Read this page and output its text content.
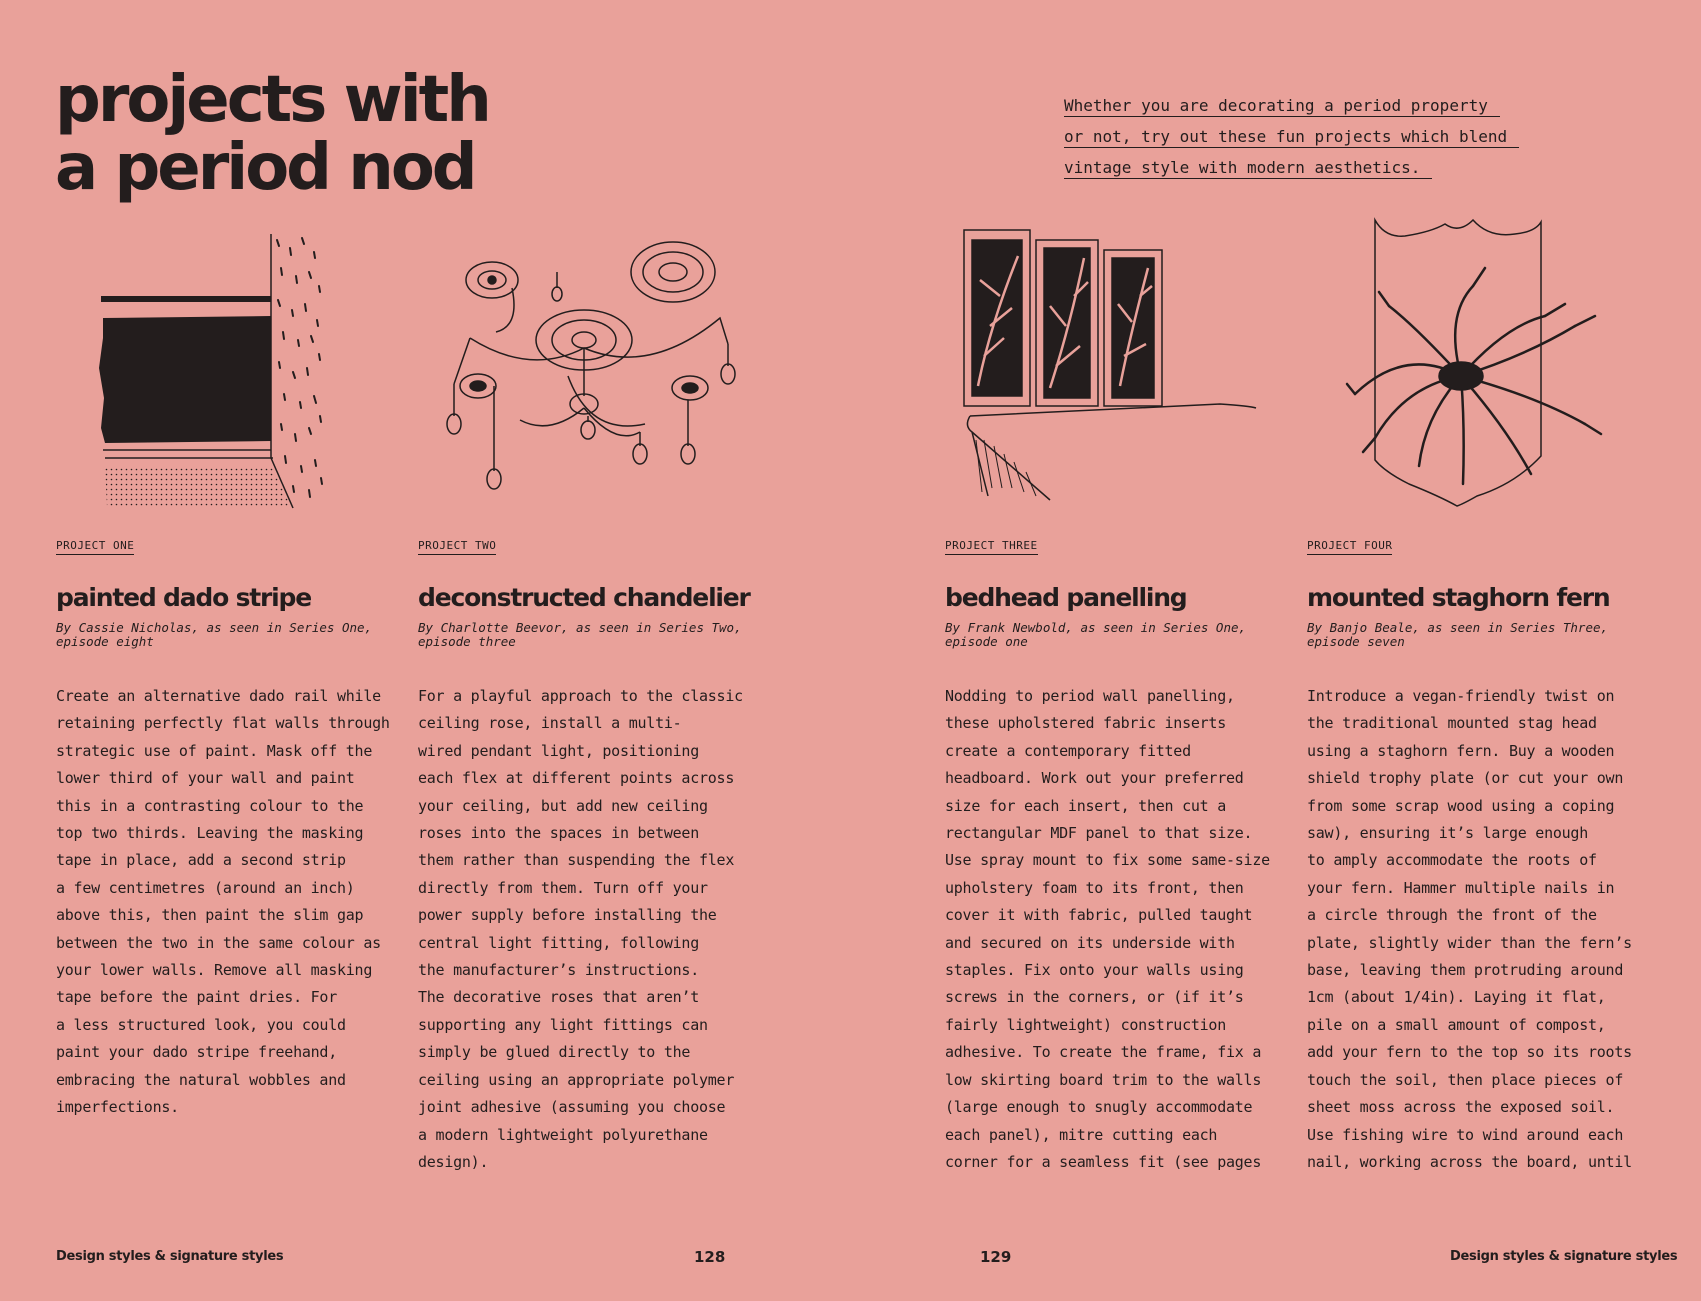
projects with
a period nod
Whether you are decorating a period property
or not, try out these fun projects which blend
vintage style with modern aesthetics.
PROJECT ONE
painted dado stripe

By Cassie Nicholas, as seen in Series One, episode eight

Create an alternative dado rail while
retaining perfectly flat walls through
strategic use of paint. Mask off the
lower third of your wall and paint
this in a contrasting colour to the
top two thirds. Leaving the masking
tape in place, add a second strip
a few centimetres (around an inch)
above this, then paint the slim gap
between the two in the same colour as
your lower walls. Remove all masking
tape before the paint dries. For
a less structured look, you could
paint your dado stripe freehand,
embracing the natural wobbles and
imperfections.
PROJECT TWO
deconstructed chandelier

By Charlotte Beevor, as seen in Series Two, episode three

For a playful approach to the classic
ceiling rose, install a multi-
wired pendant light, positioning
each flex at different points across
your ceiling, but add new ceiling
roses into the spaces in between
them rather than suspending the flex
directly from them. Turn off your
power supply before installing the
central light fitting, following
the manufacturer’s instructions.
The decorative roses that aren’t
supporting any light fittings can
simply be glued directly to the
ceiling using an appropriate polymer
joint adhesive (assuming you choose
a modern lightweight polyurethane
design).
PROJECT THREE
bedhead panelling

By Frank Newbold, as seen in Series One, episode one

Nodding to period wall panelling,
these upholstered fabric inserts
create a contemporary fitted
headboard. Work out your preferred
size for each insert, then cut a
rectangular MDF panel to that size.
Use spray mount to fix some same-size
upholstery foam to its front, then
cover it with fabric, pulled taught
and secured on its underside with
staples. Fix onto your walls using
screws in the corners, or (if it’s
fairly lightweight) construction
adhesive. To create the frame, fix a
low skirting board trim to the walls
(large enough to snugly accommodate
each panel), mitre cutting each
corner for a seamless fit (see pages
PROJECT FOUR
mounted staghorn fern

By Banjo Beale, as seen in Series Three, episode seven

Introduce a vegan-friendly twist on
the traditional mounted stag head
using a staghorn fern. Buy a wooden
shield trophy plate (or cut your own
from some scrap wood using a coping
saw), ensuring it’s large enough
to amply accommodate the roots of
your fern. Hammer multiple nails in
a circle through the front of the
plate, slightly wider than the fern’s
base, leaving them protruding around
1cm (about 1/4in). Laying it flat,
pile on a small amount of compost,
add your fern to the top so its roots
touch the soil, then place pieces of
sheet moss across the exposed soil.
Use fishing wire to wind around each
nail, working across the board, until
Design styles & signature styles	128	129	Design styles & signature styles
